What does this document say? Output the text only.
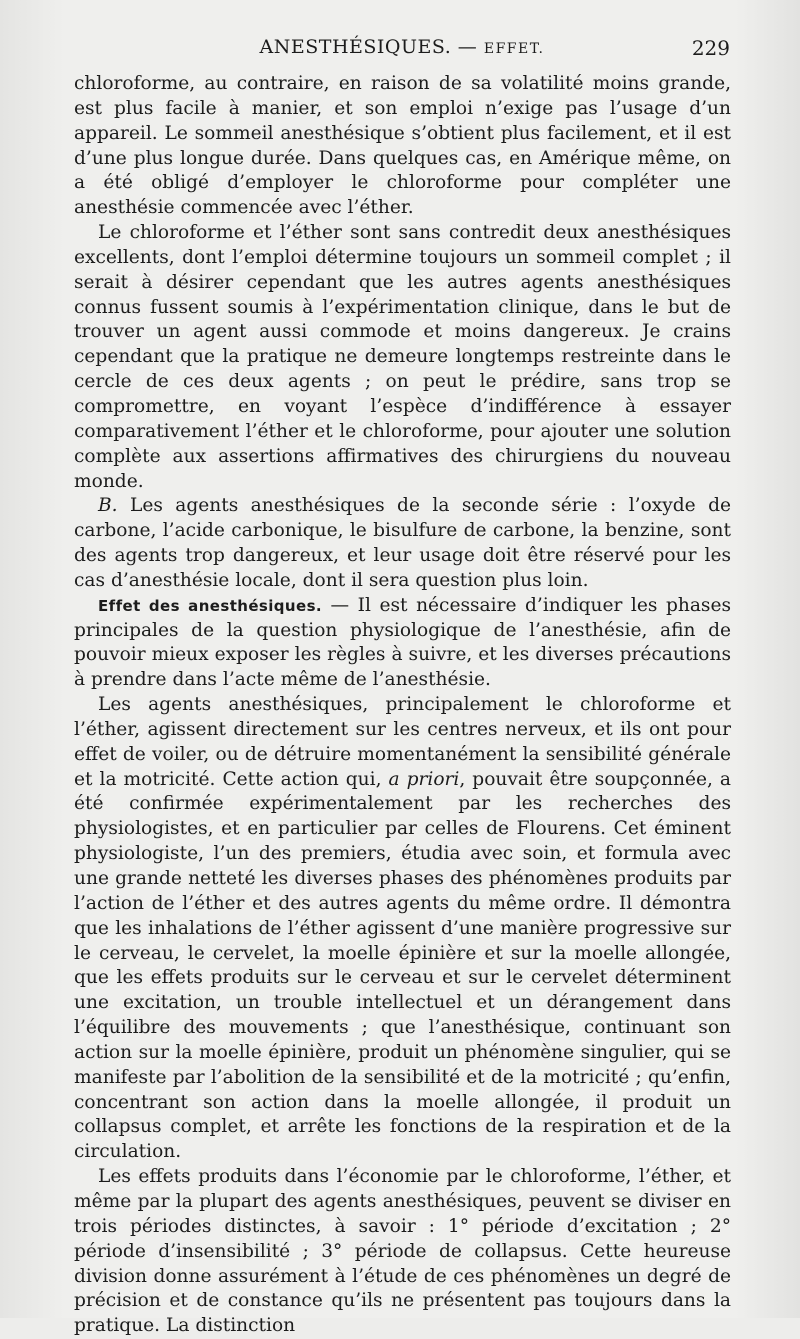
ANESTHÉSIQUES. — EFFET.	229

chloroforme, au contraire, en raison de sa volatilité moins grande, est plus facile à manier, et son emploi n’exige pas l’usage d’un appareil. Le sommeil anesthésique s’obtient plus facilement, et il est d’une plus longue durée. Dans quelques cas, en Amérique même, on a été obligé d’employer le chloroforme pour compléter une anesthésie commencée avec l’éther.

Le chloroforme et l’éther sont sans contredit deux anesthésiques excellents, dont l’emploi détermine toujours un sommeil complet ; il serait à désirer cependant que les autres agents anesthésiques connus fussent soumis à l’expérimentation clinique, dans le but de trouver un agent aussi commode et moins dangereux. Je crains cependant que la pratique ne demeure longtemps restreinte dans le cercle de ces deux agents ; on peut le prédire, sans trop se compromettre, en voyant l’espèce d’indifférence à essayer comparativement l’éther et le chloroforme, pour ajouter une solution complète aux assertions affirmatives des chirurgiens du nouveau monde.

B. Les agents anesthésiques de la seconde série : l’oxyde de carbone, l’acide carbonique, le bisulfure de carbone, la benzine, sont des agents trop dangereux, et leur usage doit être réservé pour les cas d’anesthésie locale, dont il sera question plus loin.

Effet des anesthésiques. — Il est nécessaire d’indiquer les phases principales de la question physiologique de l’anesthésie, afin de pouvoir mieux exposer les règles à suivre, et les diverses précautions à prendre dans l’acte même de l’anesthésie.

Les agents anesthésiques, principalement le chloroforme et l’éther, agissent directement sur les centres nerveux, et ils ont pour effet de voiler, ou de détruire momentanément la sensibilité générale et la motricité. Cette action qui, a priori, pouvait être soupçonnée, a été confirmée expérimentalement par les recherches des physiologistes, et en particulier par celles de Flourens. Cet éminent physiologiste, l’un des premiers, étudia avec soin, et formula avec une grande netteté les diverses phases des phénomènes produits par l’action de l’éther et des autres agents du même ordre. Il démontra que les inhalations de l’éther agissent d’une manière progressive sur le cerveau, le cervelet, la moelle épinière et sur la moelle allongée, que les effets produits sur le cerveau et sur le cervelet déterminent une excitation, un trouble intellectuel et un dérangement dans l’équilibre des mouvements ; que l’anesthésique, continuant son action sur la moelle épinière, produit un phénomène singulier, qui se manifeste par l’abolition de la sensibilité et de la motricité ; qu’enfin, concentrant son action dans la moelle allongée, il produit un collapsus complet, et arrête les fonctions de la respiration et de la circulation.

Les effets produits dans l’économie par le chloroforme, l’éther, et même par la plupart des agents anesthésiques, peuvent se diviser en trois périodes distinctes, à savoir : 1° période d’excitation ; 2° période d’insensibilité ; 3° période de collapsus. Cette heureuse division donne assurément à l’étude de ces phénomènes un degré de précision et de constance qu’ils ne présentent pas toujours dans la pratique. La distinction
